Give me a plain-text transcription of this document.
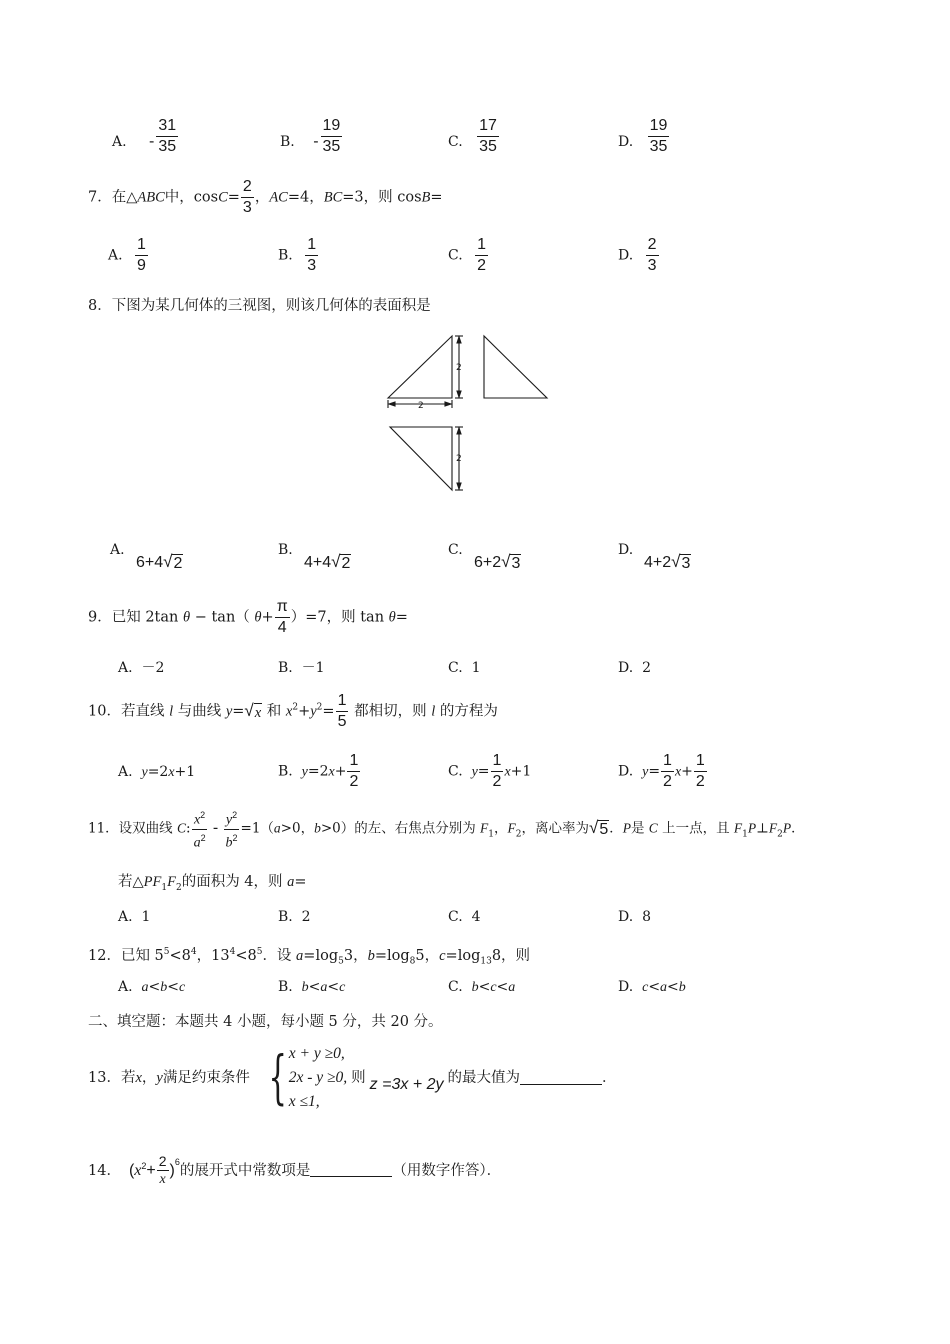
A. - $\frac{31}{35}$	B. - $\frac{19}{35}$	C. $\frac{17}{35}$	D. $\frac{19}{35}$
7．在△ABC中，$\cos C= \frac{2}{3}$ ，AC=4，BC=3，则 cosB=
A. $\frac{1}{9}$	B. $\frac{1}{3}$	C. $\frac{1}{2}$	D. $\frac{2}{3}$
8．下图为某几何体的三视图，则该几何体的表面积是
2
2
2
A.
6+4 √ 2
B.
4+4 √ 2
C.
6+2 √ 3
D.
4+2 √ 3
9．已知 2tan θ − tan（ $\theta+ \frac{\pi}{4} )=7$，则 tan θ=
A. －2	B. －1	C. 1	D. 2
10．若直线 l 与曲线 y= √ x 和 $x^2+y^2= \frac{1}{5}$ 都相切，则 l 的方程为
A. y=2x+1	B. $y=2x+ \frac{1}{2}$	C. $y= \frac{1}{2} x+1$	D. $y= \frac{1}{2} x+ \frac{1}{2}$
11．设双曲线 C: $\frac{x^2}{a^2} - \frac{y^2}{b^2} =1(a>0$，b>0）的左、右焦点分别为 $F_1$，$F_2$，离心率为 √ 5 ．P是 C 上一点，且 $F_1P\perp F_2P$．
若$\triangle PF_1F_2$的面积为 4，则 a=
A. 1	B. 2	C. 4	D. 8
12．已知 $5^5<8^4$，$13^4<8^5$．设 $a=\log_53$，$b=\log_85$，$c=\log_{13}8$，则
A. a<b<c	B. b<a<c	C. b<c<a	D. c<a<b
二、填空题：本题共 4 小题，每小题 5 分，共 20 分。
13．若 x ， y 满足约束条件 { x + y ≥0,
2x - y ≥0,
x ≤1,
则 z =3x + 2y 的最大值为	．
14． ( x $2 + \frac{2}{x}$ ) 6
的展开式中常数项是	（用数字作答）．
